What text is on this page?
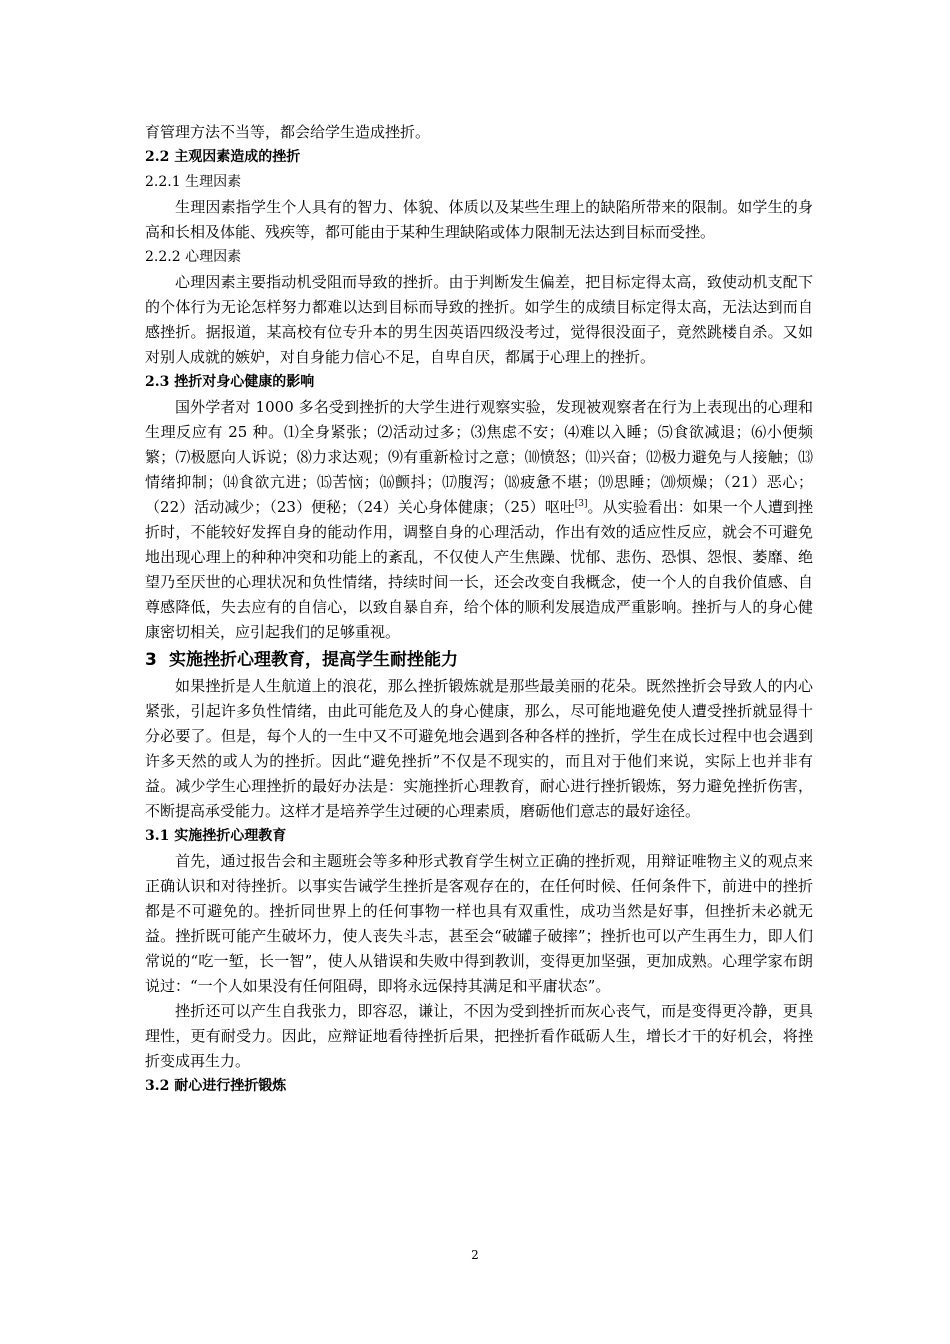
育管理方法不当等，都会给学生造成挫折。
2.2 主观因素造成的挫折
2.2.1 生理因素

生理因素指学生个人具有的智力、体貌、体质以及某些生理上的缺陷所带来的限制。如学生的身高和长相及体能、残疾等，都可能由于某种生理缺陷或体力限制无法达到目标而受挫。

2.2.2 心理因素

心理因素主要指动机受阻而导致的挫折。由于判断发生偏差，把目标定得太高，致使动机支配下的个体行为无论怎样努力都难以达到目标而导致的挫折。如学生的成绩目标定得太高，无法达到而自感挫折。据报道，某高校有位专升本的男生因英语四级没考过，觉得很没面子，竟然跳楼自杀。又如对别人成就的嫉妒，对自身能力信心不足，自卑自厌，都属于心理上的挫折。

2.3 挫折对身心健康的影响

国外学者对 1000 多名受到挫折的大学生进行观察实验，发现被观察者在行为上表现出的心理和生理反应有 25 种。⑴全身紧张；⑵活动过多；⑶焦虑不安；⑷难以入睡；⑸食欲减退；⑹小便频繁；⑺极愿向人诉说；⑻力求达观；⑼有重新检讨之意；⑽愤怒；⑾兴奋；⑿极力避免与人接触；⒀情绪抑制；⒁食欲亢进；⒂苦恼；⒃颤抖；⒄腹泻；⒅疲惫不堪；⒆思睡；⒇烦燥；（21）恶心；（22）活动减少；（23）便秘；（24）关心身体健康；（25）呕吐[3]。从实验看出：如果一个人遭到挫折时，不能较好发挥自身的能动作用，调整自身的心理活动，作出有效的适应性反应，就会不可避免地出现心理上的种种冲突和功能上的紊乱，不仅使人产生焦躁、忧郁、悲伤、恐惧、怨恨、萎靡、绝望乃至厌世的心理状况和负性情绪，持续时间一长，还会改变自我概念，使一个人的自我价值感、自尊感降低，失去应有的自信心，以致自暴自弃，给个体的顺利发展造成严重影响。挫折与人的身心健康密切相关，应引起我们的足够重视。

3 实施挫折心理教育，提高学生耐挫能力

如果挫折是人生航道上的浪花，那么挫折锻炼就是那些最美丽的花朵。既然挫折会导致人的内心紧张，引起许多负性情绪，由此可能危及人的身心健康，那么，尽可能地避免使人遭受挫折就显得十分必要了。但是，每个人的一生中又不可避免地会遇到各种各样的挫折，学生在成长过程中也会遇到许多天然的或人为的挫折。因此“避免挫折”不仅是不现实的，而且对于他们来说，实际上也并非有益。减少学生心理挫折的最好办法是：实施挫折心理教育，耐心进行挫折锻炼，努力避免挫折伤害，不断提高承受能力。这样才是培养学生过硬的心理素质，磨砺他们意志的最好途径。

3.1 实施挫折心理教育

首先，通过报告会和主题班会等多种形式教育学生树立正确的挫折观，用辩证唯物主义的观点来正确认识和对待挫折。以事实告诫学生挫折是客观存在的，在任何时候、任何条件下，前进中的挫折都是不可避免的。挫折同世界上的任何事物一样也具有双重性，成功当然是好事，但挫折未必就无益。挫折既可能产生破坏力，使人丧失斗志，甚至会“破罐子破摔”；挫折也可以产生再生力，即人们常说的“吃一堑，长一智”，使人从错误和失败中得到教训，变得更加坚强，更加成熟。心理学家布朗说过：“一个人如果没有任何阻碍，即将永远保持其满足和平庸状态”。

挫折还可以产生自我张力，即容忍，谦让，不因为受到挫折而灰心丧气，而是变得更冷静，更具理性，更有耐受力。因此，应辩证地看待挫折后果，把挫折看作砥砺人生，增长才干的好机会，将挫折变成再生力。

3.2 耐心进行挫折锻炼
2
